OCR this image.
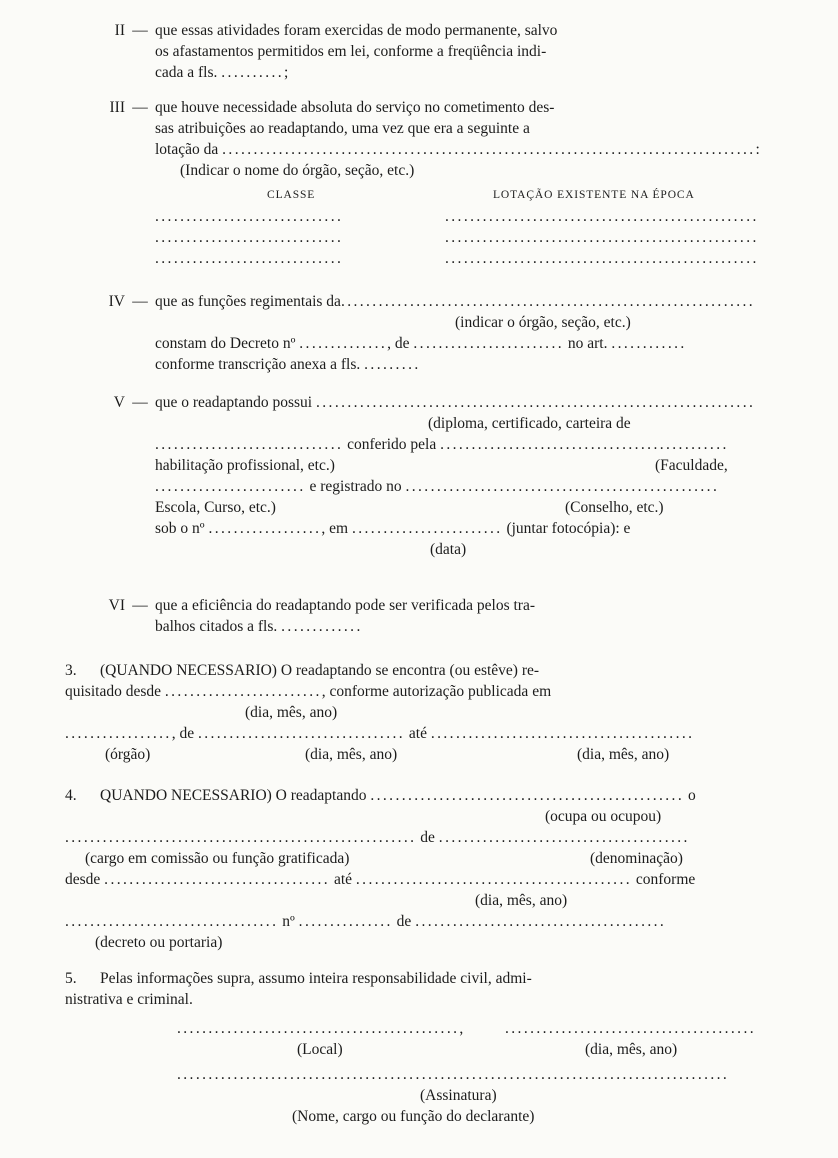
II — que essas atividades foram exercidas de modo permanente, salvo
os afastamentos permitidos em lei, conforme a freqüência indi-
cada a fls. ..........;
III — que houve necessidade absoluta do serviço no cometimento des-
sas atribuições ao readaptando, uma vez que era a seguinte a
lotação da .....................................................................................:
(Indicar o nome do órgão, seção, etc.)
CLASSE	LOTAÇÃO EXISTENTE NA ÉPOCA
..............................	..................................................
..............................	..................................................
..............................	..................................................
IV — que as funções regimentais da..................................................................
(indicar o órgão, seção, etc.)
constam do Decreto nº .............., de ........................ no art. ............
conforme transcrição anexa a fls. .........
V — que o readaptando possui ......................................................................
(diploma, certificado, carteira de
.............................. conferido pela ..............................................
habilitação profissional, etc.)	(Faculdade,
........................ e registrado no ..................................................
Escola, Curso, etc.)	(Conselho, etc.)
sob o nº .................., em ........................ (juntar fotocópia): e
(data)
VI — que a eficiência do readaptando pode ser verificada pelos tra-
balhos citados a fls. .............
3. (QUANDO NECESSARIO) O readaptando se encontra (ou estêve) re-
quisitado desde ........................., conforme autorização publicada em
(dia, mês, ano)
................., de ................................. até ..........................................
(órgão)	(dia, mês, ano)	(dia, mês, ano)
4. QUANDO NECESSARIO) O readaptando .................................................. o
(ocupa ou ocupou)
........................................................ de ........................................
(cargo em comissão ou função gratificada)	(denominação)
desde .................................... até ............................................ conforme
(dia, mês, ano)
.................................. nº ............... de ........................................
(decreto ou portaria)
5. Pelas informações supra, assumo inteira responsabilidade civil, admi-
nistrativa e criminal.
.............................................,	........................................
(Local)	(dia, mês, ano)
........................................................................................
(Assinatura)
(Nome, cargo ou função do declarante)
